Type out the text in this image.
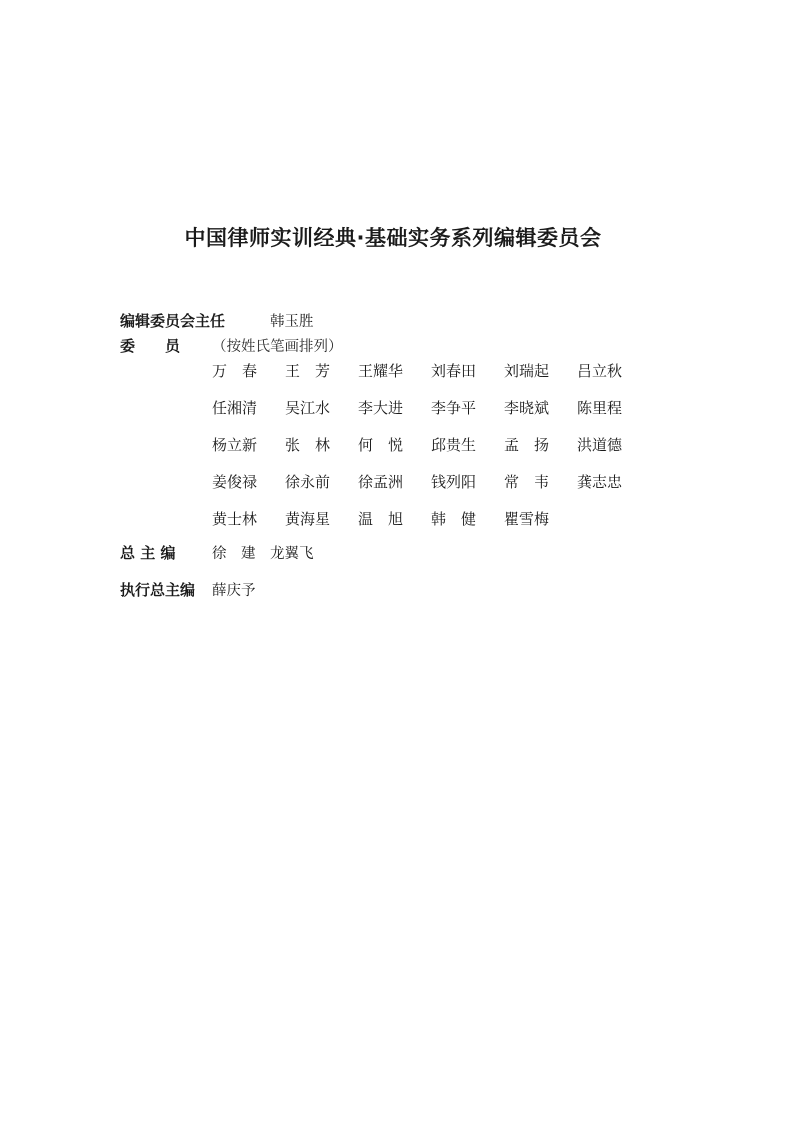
中国律师实训经典·基础实务系列编辑委员会
编辑委员会主任	韩玉胜
委　　员 （按姓氏笔画排列）
万　春	王　芳	王耀华	刘春田	刘瑞起	吕立秋
任湘清	吴江水	李大进	李争平	李晓斌	陈里程
杨立新	张　林	何　悦	邱贵生	孟　扬	洪道德
姜俊禄	徐永前	徐孟洲	钱列阳	常　韦	龚志忠
黄士林	黄海星	温　旭	韩　健	瞿雪梅
总 主 编	徐　建　龙翼飞
执行总主编 薛庆予
